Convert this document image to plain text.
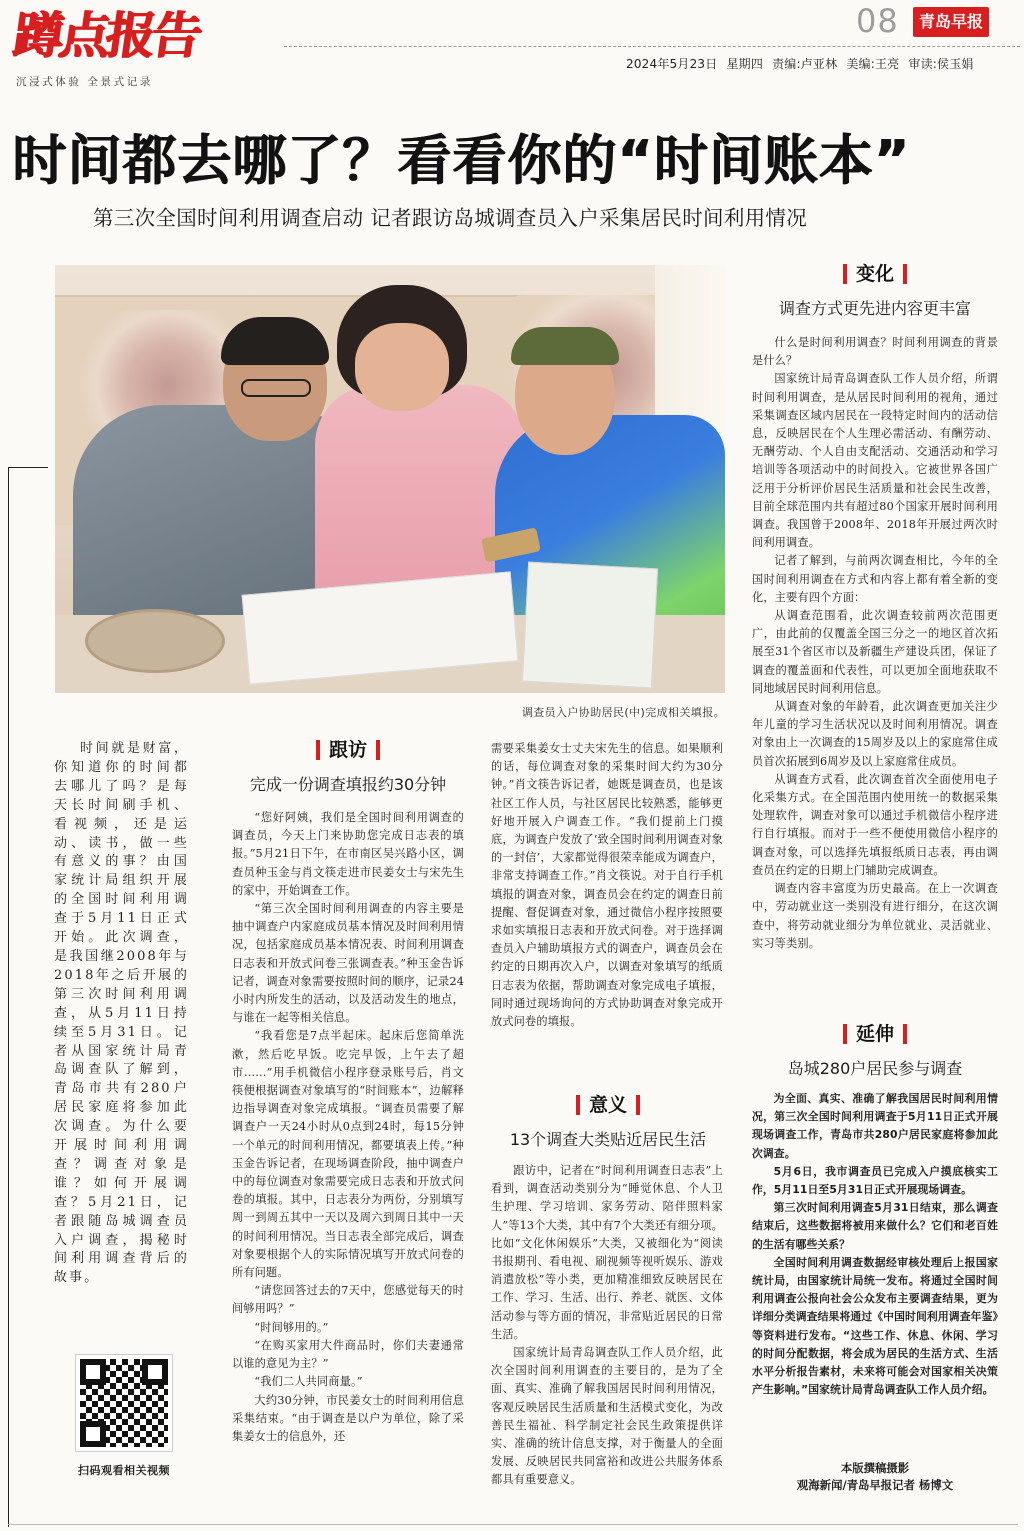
蹲点报告
沉浸式体验 全景式记录
08	青岛早报
2024年5月23日 星期四 责编:卢亚林 美编:王亮 审读:侯玉娟
时间都去哪了？看看你的“时间账本”
第三次全国时间利用调查启动 记者跟访岛城调查员入户采集居民时间利用情况
调查员入户协助居民(中)完成相关填报。

时间就是财富，你知道你的时间都去哪儿了吗？是每天长时间刷手机、看视频，还是运动、读书，做一些有意义的事？由国家统计局组织开展的全国时间利用调查于5月11日正式开始。此次调查，是我国继2008年与2018年之后开展的第三次时间利用调查，从5月11日持续至5月31日。记者从国家统计局青岛调查队了解到，青岛市共有280户居民家庭将参加此次调查。为什么要开展时间利用调查？调查对象是谁？如何开展调查？5月21日，记者跟随岛城调查员入户调查，揭秘时间利用调查背后的故事。

扫码观看相关视频
跟访
完成一份调查填报约30分钟

“您好阿姨，我们是全国时间利用调查的调查员，今天上门来协助您完成日志表的填报。”5月21日下午，在市南区吴兴路小区，调查员种玉金与肖文筷走进市民姜女士与宋先生的家中，开始调查工作。

“第三次全国时间利用调查的内容主要是抽中调查户内家庭成员基本情况及时间利用情况，包括家庭成员基本情况表、时间利用调查日志表和开放式问卷三张调查表。”种玉金告诉记者，调查对象需要按照时间的顺序，记录24小时内所发生的活动，以及活动发生的地点，与谁在一起等相关信息。

“我看您是7点半起床。起床后您简单洗漱，然后吃早饭。吃完早饭，上午去了超市……”用手机微信小程序登录账号后，肖文筷便根据调查对象填写的“时间账本”，边解释边指导调查对象完成填报。“调查员需要了解调查户一天24小时从0点到24时，每15分钟一个单元的时间利用情况，都要填表上传。”种玉金告诉记者，在现场调查阶段，抽中调查户中的每位调查对象需要完成日志表和开放式问卷的填报。其中，日志表分为两份，分别填写周一到周五其中一天以及周六到周日其中一天的时间利用情况。当日志表全部完成后，调查对象要根据个人的实际情况填写开放式问卷的所有问题。

“请您回答过去的7天中，您感觉每天的时间够用吗？”

“时间够用的。”

“在购买家用大件商品时，你们夫妻通常以谁的意见为主？”

“我们二人共同商量。”

大约30分钟，市民姜女士的时间利用信息采集结束。“由于调查是以户为单位，除了采集姜女士的信息外，还

需要采集姜女士丈夫宋先生的信息。如果顺利的话，每位调查对象的采集时间大约为30分钟。”肖文筷告诉记者，她既是调查员，也是该社区工作人员，与社区居民比较熟悉，能够更好地开展入户调查工作。“我们提前上门摸底，为调查户发放了‘致全国时间利用调查对象的一封信’，大家都觉得很荣幸能成为调查户，非常支持调查工作。”肖文筷说。对于自行手机填报的调查对象，调查员会在约定的调查日前提醒、督促调查对象，通过微信小程序按照要求如实填报日志表和开放式问卷。对于选择调查员入户辅助填报方式的调查户，调查员会在约定的日期再次入户，以调查对象填写的纸质日志表为依据，帮助调查对象完成电子填报，同时通过现场询问的方式协助调查对象完成开放式问卷的填报。

意义
13个调查大类贴近居民生活

跟访中，记者在“时间利用调查日志表”上看到，调查活动类别分为“睡觉休息、个人卫生护理、学习培训、家务劳动、陪伴照料家人”等13个大类，其中有7个大类还有细分项。比如“文化休闲娱乐”大类，又被细化为“阅读书报期刊、看电视、刷视频等视听娱乐、游戏消遣放松”等小类，更加精准细致反映居民在工作、学习、生活、出行、养老、就医、文体活动参与等方面的情况，非常贴近居民的日常生活。

国家统计局青岛调查队工作人员介绍，此次全国时间利用调查的主要目的，是为了全面、真实、准确了解我国居民时间利用情况，客观反映居民生活质量和生活模式变化，为改善民生福祉、科学制定社会民生政策提供详实、准确的统计信息支撑，对于衡量人的全面发展、反映居民共同富裕和改进公共服务体系都具有重要意义。

变化
调查方式更先进内容更丰富

什么是时间利用调查？时间利用调查的背景是什么？

国家统计局青岛调查队工作人员介绍，所谓时间利用调查，是从居民时间利用的视角，通过采集调查区域内居民在一段特定时间内的活动信息，反映居民在个人生理必需活动、有酬劳动、无酬劳动、个人自由支配活动、交通活动和学习培训等各项活动中的时间投入。它被世界各国广泛用于分析评价居民生活质量和社会民生改善，目前全球范围内共有超过80个国家开展时间利用调查。我国曾于2008年、2018年开展过两次时间利用调查。

记者了解到，与前两次调查相比，今年的全国时间利用调查在方式和内容上都有着全新的变化，主要有四个方面：

从调查范围看，此次调查较前两次范围更广，由此前的仅覆盖全国三分之一的地区首次拓展至31个省区市以及新疆生产建设兵团，保证了调查的覆盖面和代表性，可以更加全面地获取不同地域居民时间利用信息。

从调查对象的年龄看，此次调查更加关注少年儿童的学习生活状况以及时间利用情况。调查对象由上一次调查的15周岁及以上的家庭常住成员首次拓展到6周岁及以上家庭常住成员。

从调查方式看，此次调查首次全面使用电子化采集方式。在全国范围内使用统一的数据采集处理软件，调查对象可以通过手机微信小程序进行自行填报。而对于一些不便使用微信小程序的调查对象，可以选择先填报纸质日志表，再由调查员在约定的日期上门辅助完成调查。

调查内容丰富度为历史最高。在上一次调查中，劳动就业这一类别没有进行细分，在这次调查中，将劳动就业细分为单位就业、灵活就业、实习等类别。

延伸
岛城280户居民参与调查

为全面、真实、准确了解我国居民时间利用情况，第三次全国时间利用调查于5月11日正式开展现场调查工作，青岛市共280户居民家庭将参加此次调查。

5月6日，我市调查员已完成入户摸底核实工作，5月11日至5月31日正式开展现场调查。

第三次时间利用调查5月31日结束，那么调查结束后，这些数据将被用来做什么？它们和老百姓的生活有哪些关系？

全国时间利用调查数据经审核处理后上报国家统计局，由国家统计局统一发布。将通过全国时间利用调查公报向社会公众发布主要调查结果，更为详细分类调查结果将通过《中国时间利用调查年鉴》等资料进行发布。“这些工作、休息、休闲、学习的时间分配数据，将会成为居民的生活方式、生活水平分析报告素材，未来将可能会对国家相关决策产生影响。”国家统计局青岛调查队工作人员介绍。

本版撰稿摄影
观海新闻/青岛早报记者 杨博文
